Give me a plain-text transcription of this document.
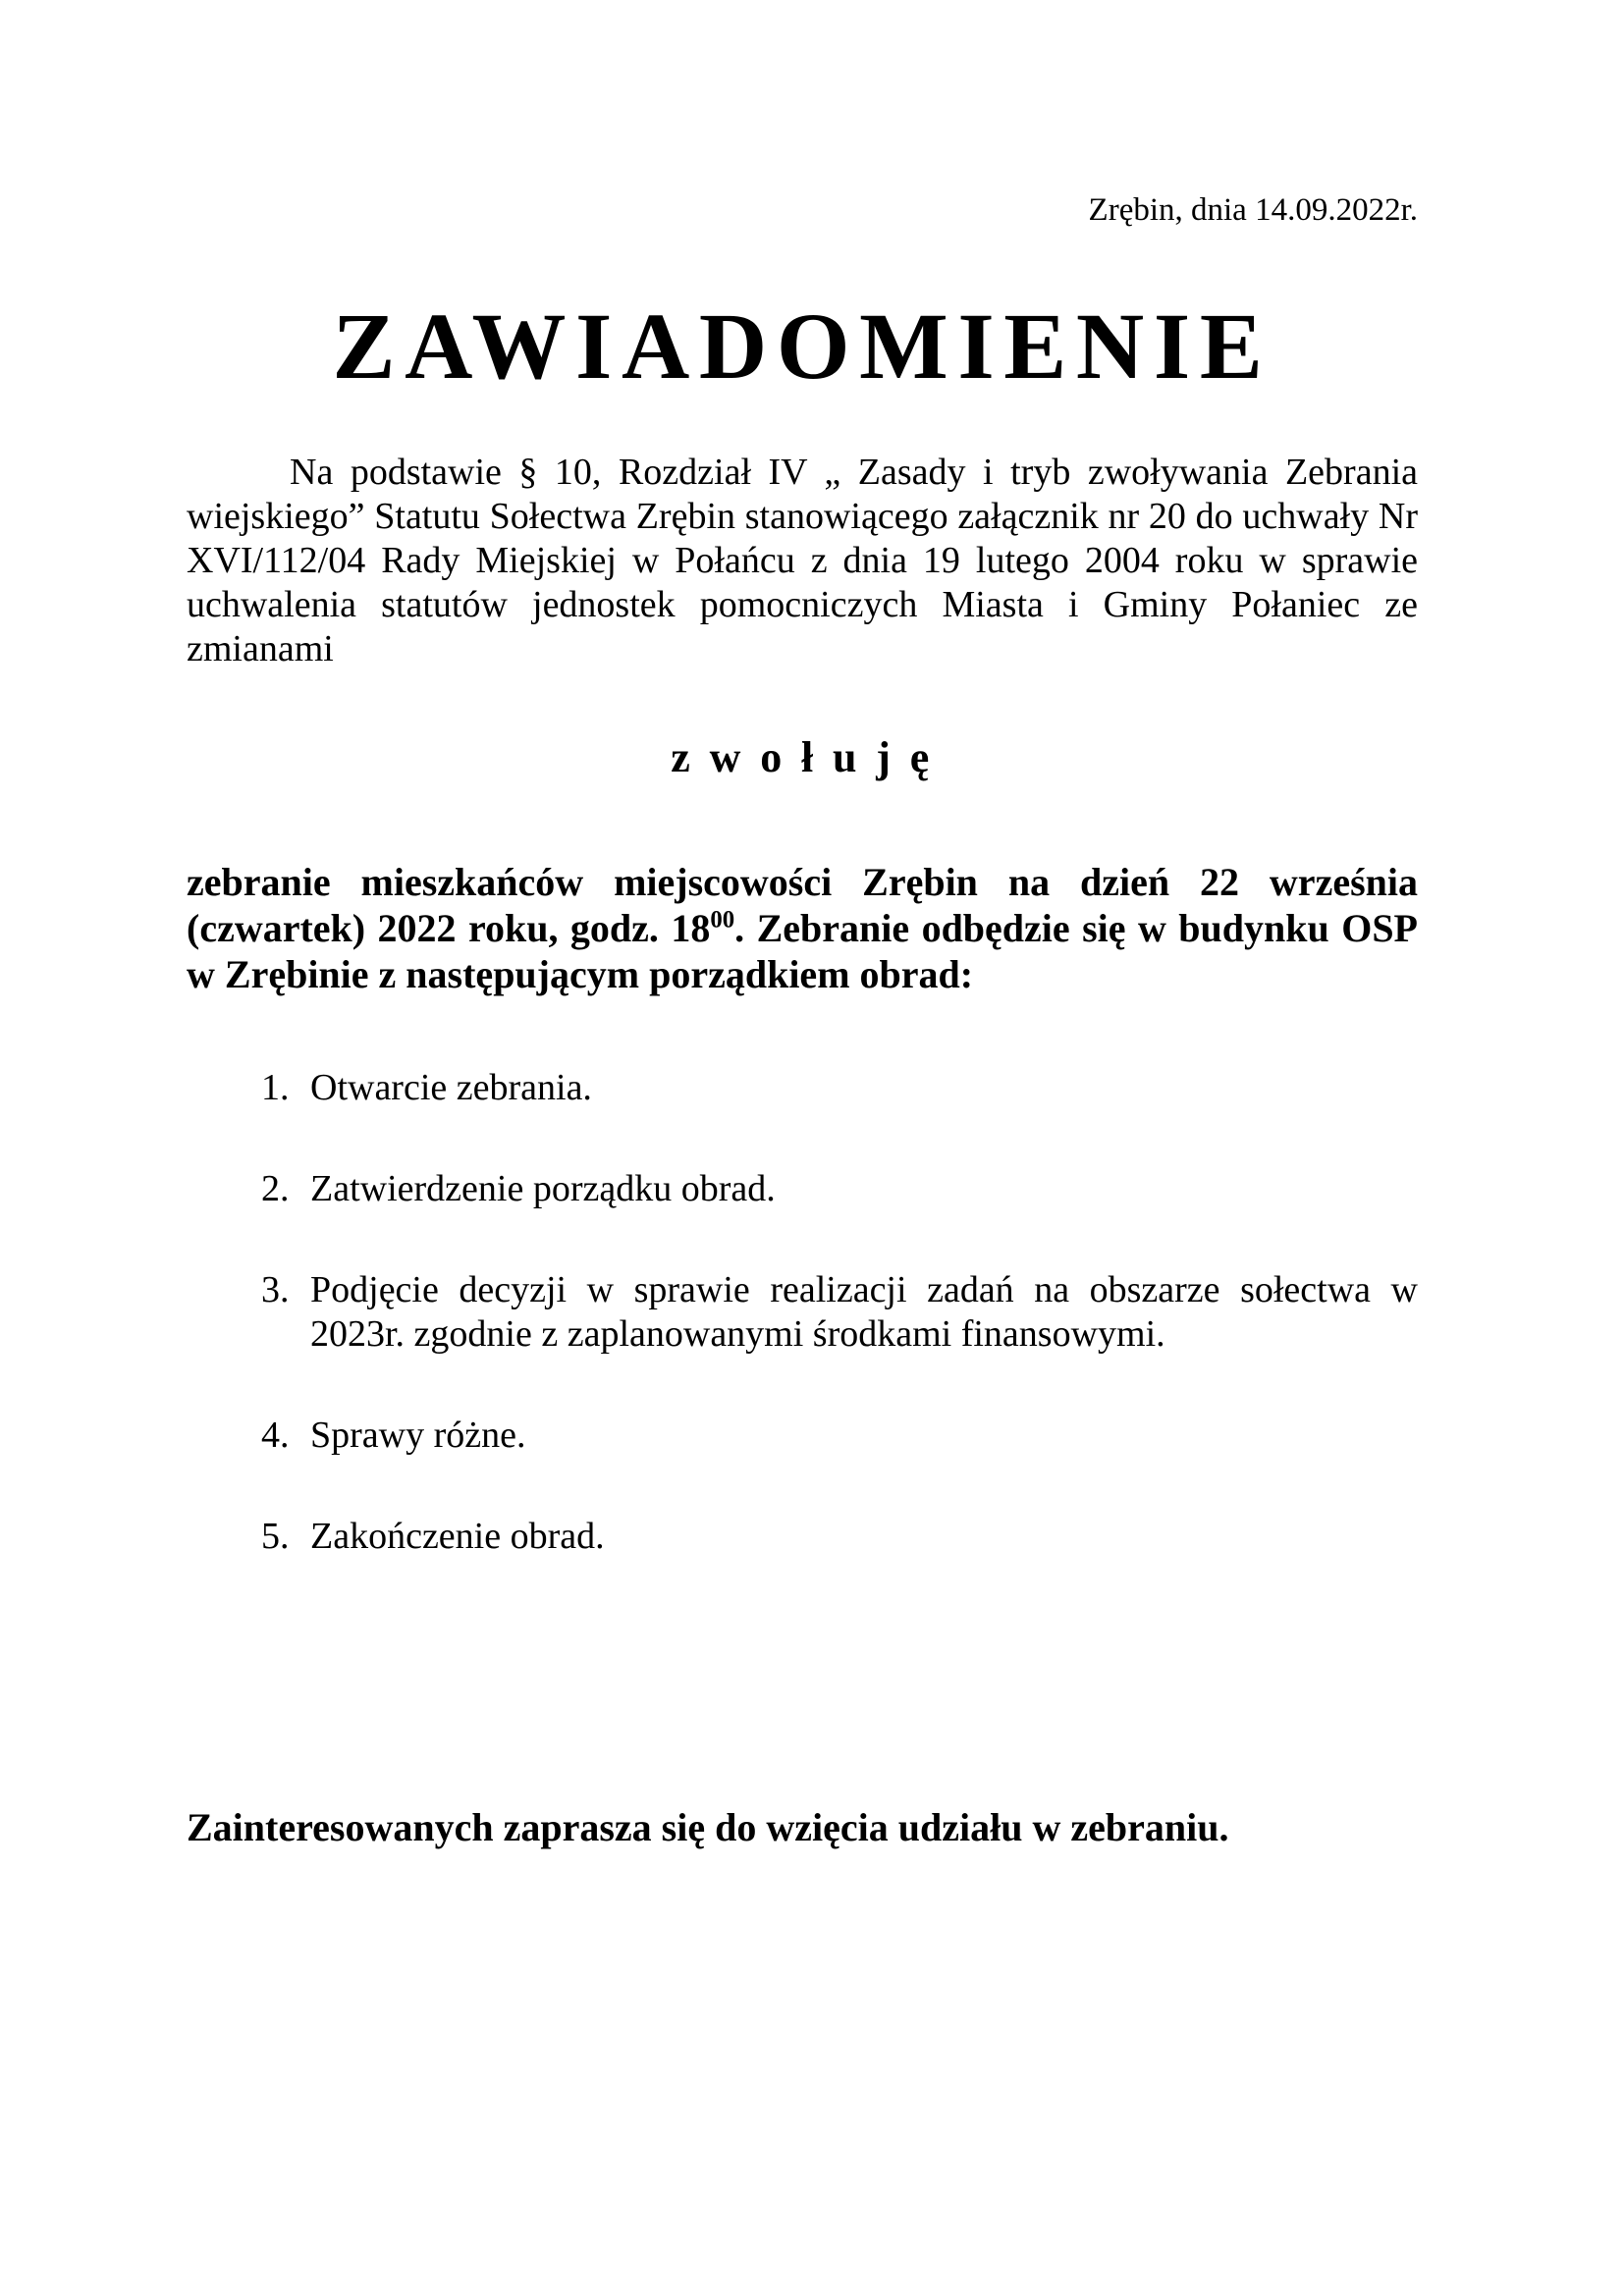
Zrębin, dnia 14.09.2022r.
ZAWIADOMIENIE

Na podstawie § 10, Rozdział IV „ Zasady i tryb zwoływania Zebrania wiejskiego” Statutu Sołectwa Zrębin stanowiącego załącznik nr 20 do uchwały Nr XVI/112/04 Rady Miejskiej w Połańcu z dnia 19 lutego 2004 roku w sprawie uchwalenia statutów jednostek pomocniczych Miasta i Gminy Połaniec ze zmianami

z w o ł u j ę

zebranie mieszkańców miejscowości Zrębin na dzień 22 września (czwartek) 2022 roku, godz. $18^{00}$. Zebranie odbędzie się w budynku OSP w Zrębinie z następującym porządkiem obrad:

1. Otwarcie zebrania.
2. Zatwierdzenie porządku obrad.
3. Podjęcie decyzji w sprawie realizacji zadań na obszarze sołectwa w 2023r. zgodnie z zaplanowanymi środkami finansowymi.
4. Sprawy różne.
5. Zakończenie obrad.
Zainteresowanych zaprasza się do wzięcia udziału w zebraniu.
